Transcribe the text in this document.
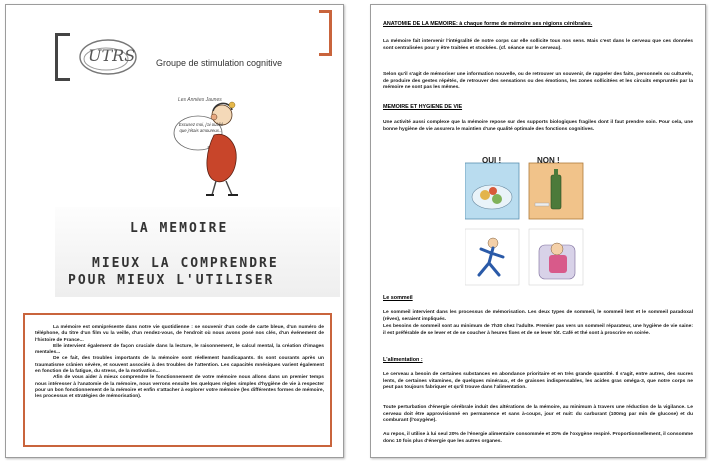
UTRS Groupe de stimulation cognitive
Les Années Jaunes
Excusez moi, j'ai oublié que j'étais amoureux...
LA MEMOIRE
MIEUX LA COMPRENDRE
POUR MIEUX L'UTILISER

La mémoire est omniprésente dans notre vie quotidienne : se souvenir d'un code de carte bleue, d'un numéro de téléphone, du titre d'un film vu la veille, d'un rendez-vous, de l'endroit où nous avons posé nos clés, d'un événement de l'histoire de France...

Elle intervient également de façon cruciale dans la lecture, le raisonnement, le calcul mental, la création d'images mentales...

De ce fait, des troubles importants de la mémoire sont réellement handicapants. Ils sont courants après un traumatisme crânien sévère, et souvent associés à des troubles de l'attention. Les capacités mnésiques varient également en fonction de la fatigue, du stress, de la motivation...

Afin de vous aider à mieux comprendre le fonctionnement de votre mémoire nous allons dans un premier temps nous intéresser à l'anatomie de la mémoire, nous verrons ensuite les quelques règles simples d'hygiène de vie à respecter pour un bon fonctionnement de la mémoire et enfin s'attacher à explorer votre mémoire (les différentes formes de mémoire, les processus et stratégies de mémorisation).

ANATOMIE DE LA MEMOIRE: à chaque forme de mémoire ses régions cérébrales.
La mémoire fait intervenir l'intégralité de notre corps car elle sollicite tous nos sens. Mais c'est dans le cerveau que ces données sont centralisées pour y être traitées et stockées. (cf. séance sur le cerveau).
Selon qu'il s'agit de mémoriser une information nouvelle, ou de retrouver un souvenir, de rappeler des faits, personnels ou culturels, de produire des gestes répétés, de retrouver des sensations ou des émotions, les zones sollicitées et les circuits empruntés par la mémoire ne sont pas les mêmes.
MEMOIRE ET HYGIENE DE VIE
Une activité aussi complexe que la mémoire repose sur des supports biologiques fragiles dont il faut prendre soin. Pour cela, une bonne hygiène de vie assurera le maintien d'une qualité optimale des fonctions cognitives.
OUI !	NON !
Le sommeil
Le sommeil intervient dans les processus de mémorisation. Les deux types de sommeil, le sommeil lent et le sommeil paradoxal (rêves), seraient impliqués.
Les besoins de sommeil sont au minimum de 7h30 chez l'adulte. Premier pas vers un sommeil réparateur, une hygiène de vie saine: il est préférable de se lever et de se coucher à heures fixes et de se lever tôt. Café et thé sont à proscrire en soirée.
L'alimentation :
Le cerveau a besoin de certaines substances en abondance prioritaire et en très grande quantité. Il s'agit, entre autres, des sucres lents, de certaines vitamines, de quelques minéraux, et de graisses indispensables, les acides gras oméga-3, que notre corps ne peut pas toujours fabriquer et qu'il trouve dans l'alimentation.
Toute perturbation d'énergie cérébrale induit des altérations de la mémoire, au minimum à travers une réduction de la vigilance. Le cerveau doit être approvisionné en permanence et sans à-coups, jour et nuit: du carburant (100mg par min de glucose) et du comburant (l'oxygène).
Au repos, il utilise à lui seul 20% de l'énergie alimentaire consommée et 20% de l'oxygène respiré. Proportionnellement, il consomme donc 10 fois plus d'énergie que les autres organes.
